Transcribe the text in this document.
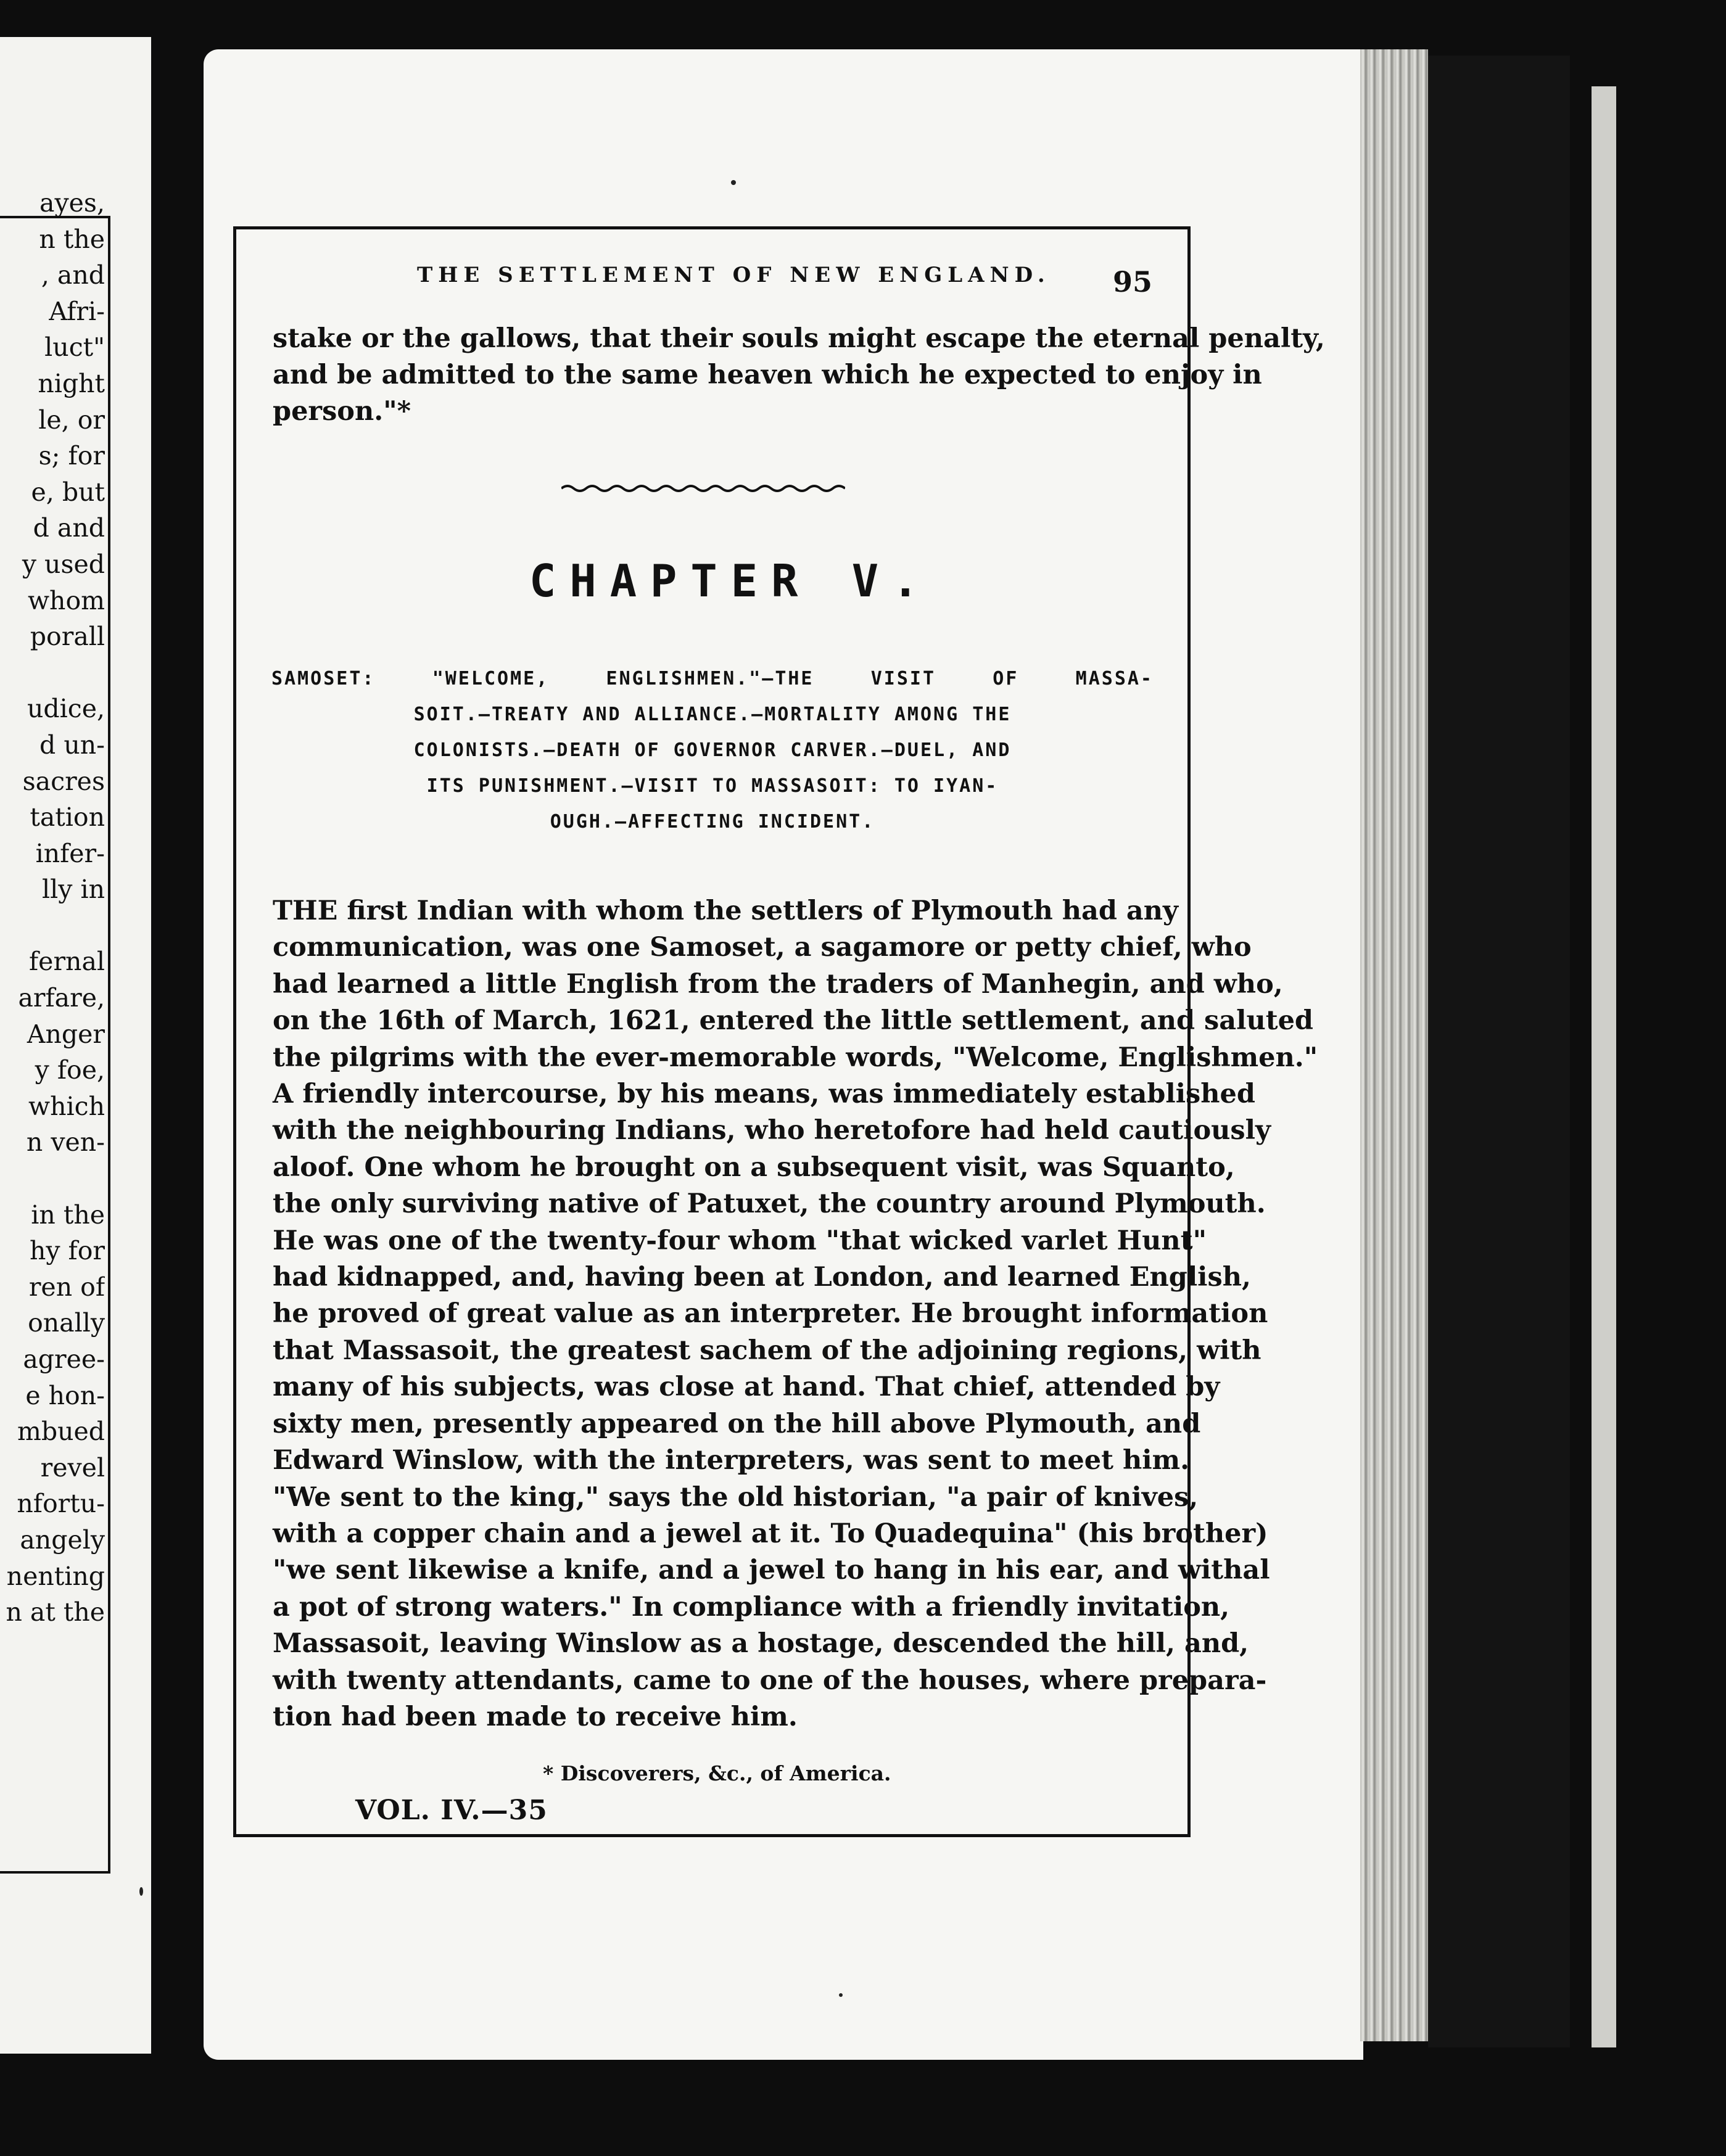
ayes,
n the
, and
Afri-
luct"
night
le, or
s; for
e, but
d and
y used
whom
porall

udice,
d un-
sacres
tation
infer-
lly in

fernal
arfare,
Anger
y foe,
which
n ven-

in the
hy for
ren of
onally
agree-
e hon-
mbued
revel
nfortu-
angely
nenting
n at the
THE SETTLEMENT OF NEW ENGLAND. 95
stake or the gallows, that their souls might escape the eternal penalty,
and be admitted to the same heaven which he expected to enjoy in
person."*
CHAPTER V.
SAMOSET: "WELCOME, ENGLISHMEN."—THE VISIT OF MASSA-
SOIT.—TREATY AND ALLIANCE.—MORTALITY AMONG THE
COLONISTS.—DEATH OF GOVERNOR CARVER.—DUEL, AND
ITS PUNISHMENT.—VISIT TO MASSASOIT: TO IYAN-
OUGH.—AFFECTING INCIDENT.
THE first Indian with whom the settlers of Plymouth had any
communication, was one Samoset, a sagamore or petty chief, who
had learned a little English from the traders of Manhegin, and who,
on the 16th of March, 1621, entered the little settlement, and saluted
the pilgrims with the ever-memorable words, "Welcome, Englishmen."
A friendly intercourse, by his means, was immediately established
with the neighbouring Indians, who heretofore had held cautiously
aloof. One whom he brought on a subsequent visit, was Squanto,
the only surviving native of Patuxet, the country around Plymouth.
He was one of the twenty-four whom "that wicked varlet Hunt"
had kidnapped, and, having been at London, and learned English,
he proved of great value as an interpreter. He brought information
that Massasoit, the greatest sachem of the adjoining regions, with
many of his subjects, was close at hand. That chief, attended by
sixty men, presently appeared on the hill above Plymouth, and
Edward Winslow, with the interpreters, was sent to meet him.
"We sent to the king," says the old historian, "a pair of knives,
with a copper chain and a jewel at it. To Quadequina" (his brother)
"we sent likewise a knife, and a jewel to hang in his ear, and withal
a pot of strong waters." In compliance with a friendly invitation,
Massasoit, leaving Winslow as a hostage, descended the hill, and,
with twenty attendants, came to one of the houses, where prepara-
tion had been made to receive him.
* Discoverers, &c., of America.
VOL. IV.—35
